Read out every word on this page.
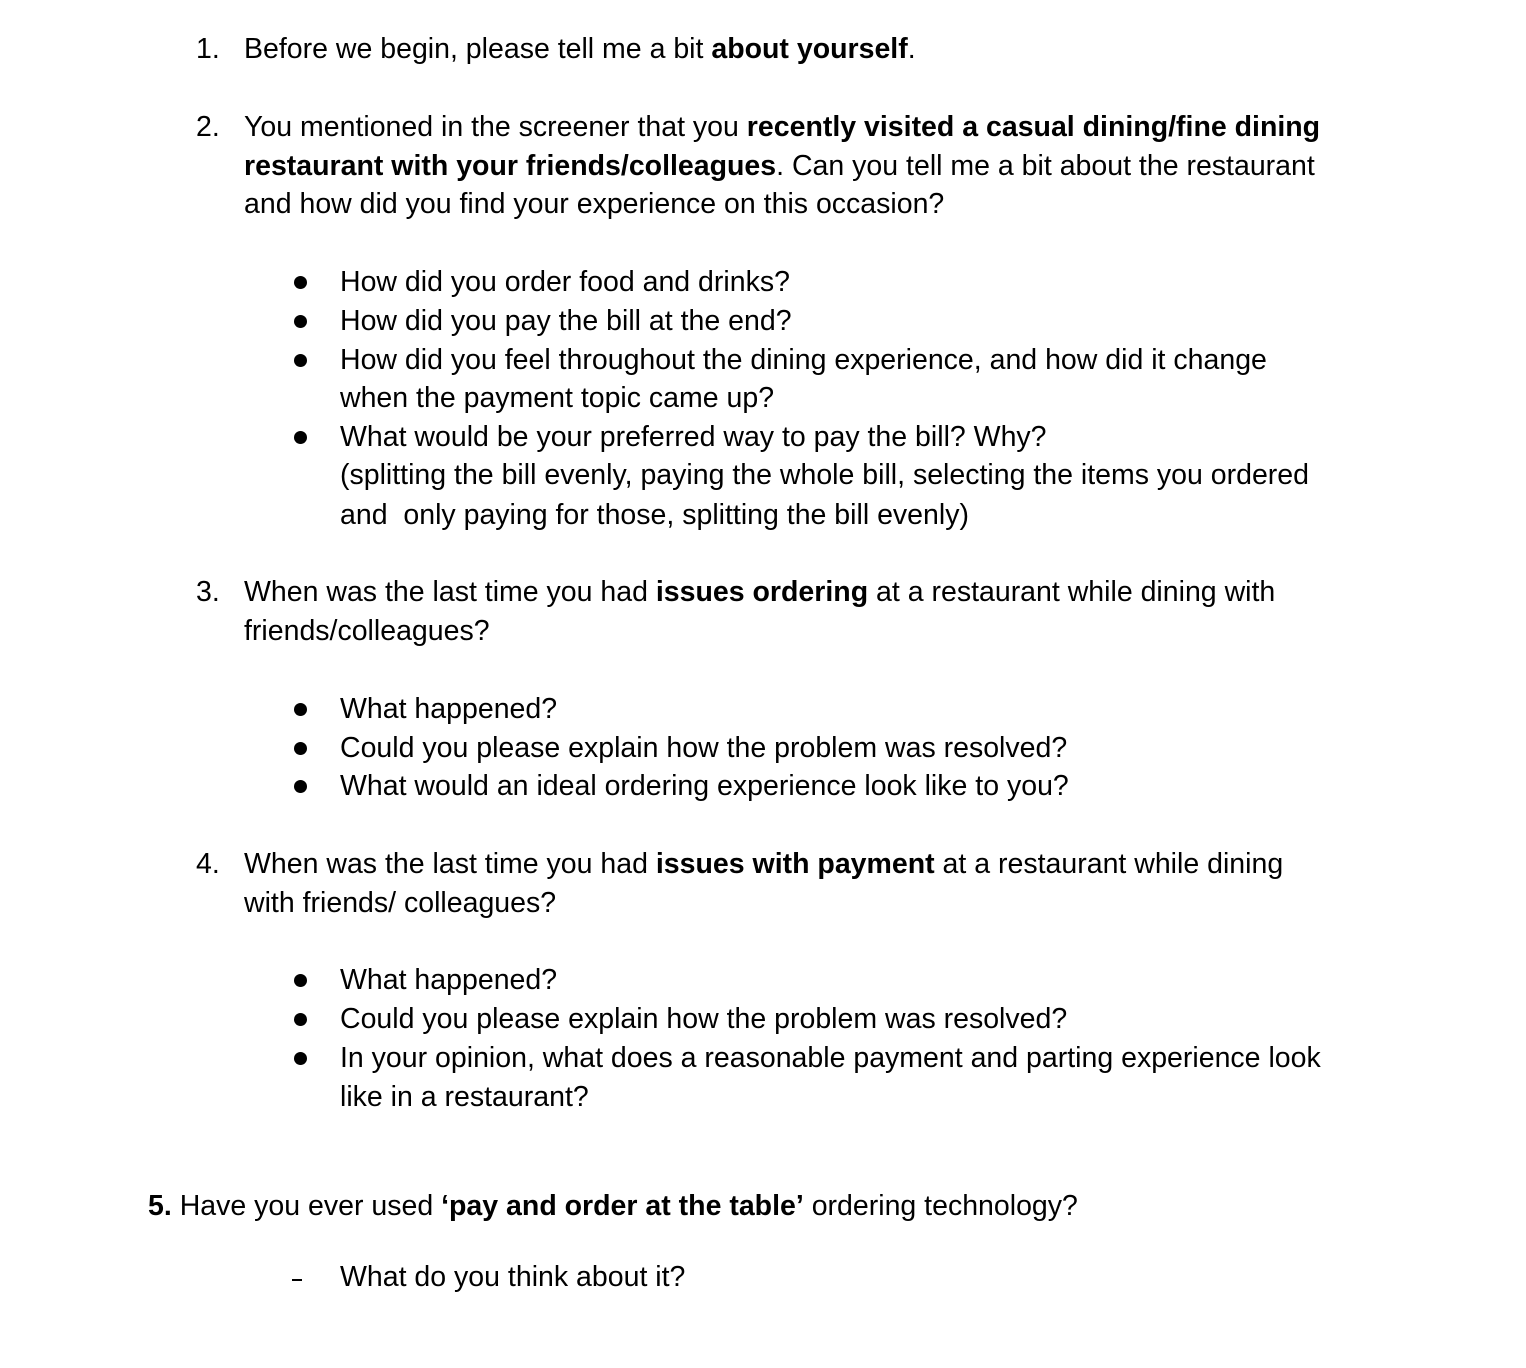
1. Before we begin, please tell me a bit about yourself.
2. You mentioned in the screener that you recently visited a casual dining/fine dining
restaurant with your friends/colleagues. Can you tell me a bit about the restaurant
and how did you find your experience on this occasion?
How did you order food and drinks?
How did you pay the bill at the end?
How did you feel throughout the dining experience, and how did it change
when the payment topic came up?
What would be your preferred way to pay the bill? Why?
(splitting the bill evenly, paying the whole bill, selecting the items you ordered
and  only paying for those, splitting the bill evenly)
3. When was the last time you had issues ordering at a restaurant while dining with
friends/colleagues?
What happened?
Could you please explain how the problem was resolved?
What would an ideal ordering experience look like to you?
4. When was the last time you had issues with payment at a restaurant while dining
with friends/ colleagues?
What happened?
Could you please explain how the problem was resolved?
In your opinion, what does a reasonable payment and parting experience look
like in a restaurant?
5. Have you ever used ‘pay and order at the table’ ordering technology?
What do you think about it?
